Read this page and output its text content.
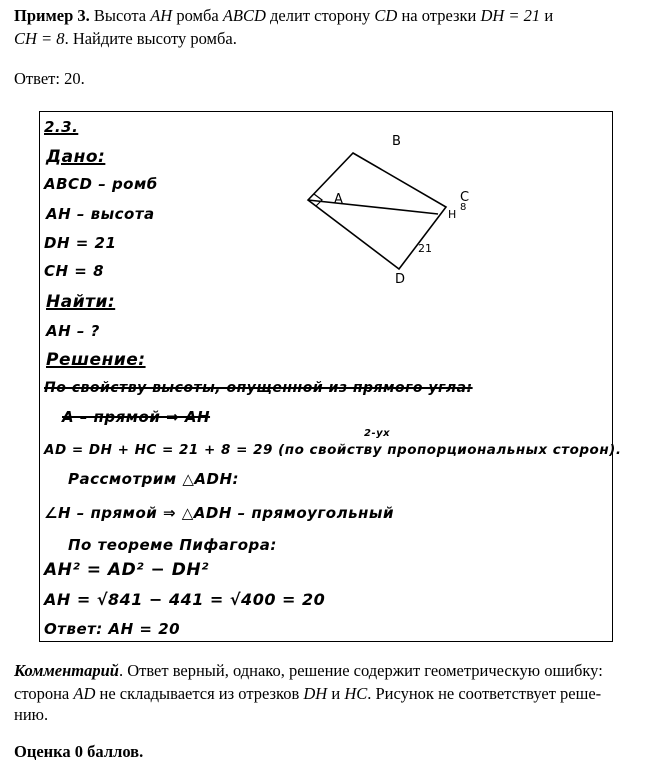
Пример 3. Высота AH ромба ABCD делит сторону CD на отрезки DH = 21 и
CH = 8. Найдите высоту ромба.
Ответ: 20.
2.3.
Дано:
ABCD – ромб
AH – высота
DH = 21
CH = 8
Найти:
AH – ?
Решение:
По свойству высоты, опущенной из прямого угла:
A – прямой ⇒ AH
AD = DH + HC = 21 + 8 = 29 (по свойству пропорциональных сторон).
2-ух
Рассмотрим △ADH:
∠H – прямой ⇒ △ADH – прямоугольный
По теореме Пифагора:
AH² = AD² − DH²
AH = √841 − 441 = √400 = 20
Ответ: AH = 20
B
A	C
H
8
21
D
Комментарий. Ответ верный, однако, решение содержит геометрическую ошибку:
сторона AD не складывается из отрезков DH и HC. Рисунок не соответствует реше-
нию.
Оценка 0 баллов.
